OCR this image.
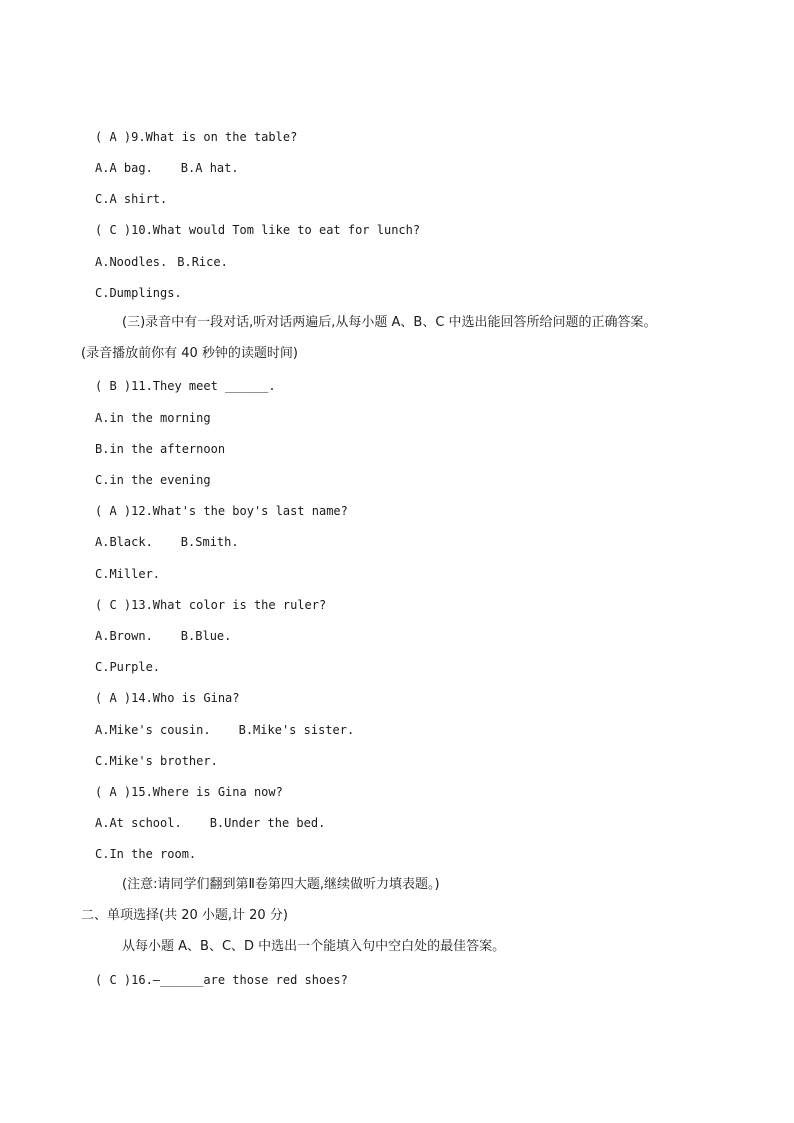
( A )9.What is on the table?
A.A bag. B.A hat.
C.A shirt.
( C )10.What would Tom like to eat for lunch?
A.Noodles. B.Rice.
C.Dumplings.
(三)录音中有一段对话,听对话两遍后,从每小题 A、B、C 中选出能回答所给问题的正确答案。
(录音播放前你有 40 秒钟的读题时间)
( B )11.They meet ______.
A.in the morning
B.in the afternoon
C.in the evening
( A )12.What's the boy's last name?
A.Black. B.Smith.
C.Miller.
( C )13.What color is the ruler?
A.Brown. B.Blue.
C.Purple.
( A )14.Who is Gina?
A.Mike's cousin. B.Mike's sister.
C.Mike's brother.
( A )15.Where is Gina now?
A.At school. B.Under the bed.
C.In the room.
(注意:请同学们翻到第Ⅱ卷第四大题,继续做听力填表题。)
二、单项选择(共 20 小题,计 20 分)
从每小题 A、B、C、D 中选出一个能填入句中空白处的最佳答案。
( C )16.—______are those red shoes?
